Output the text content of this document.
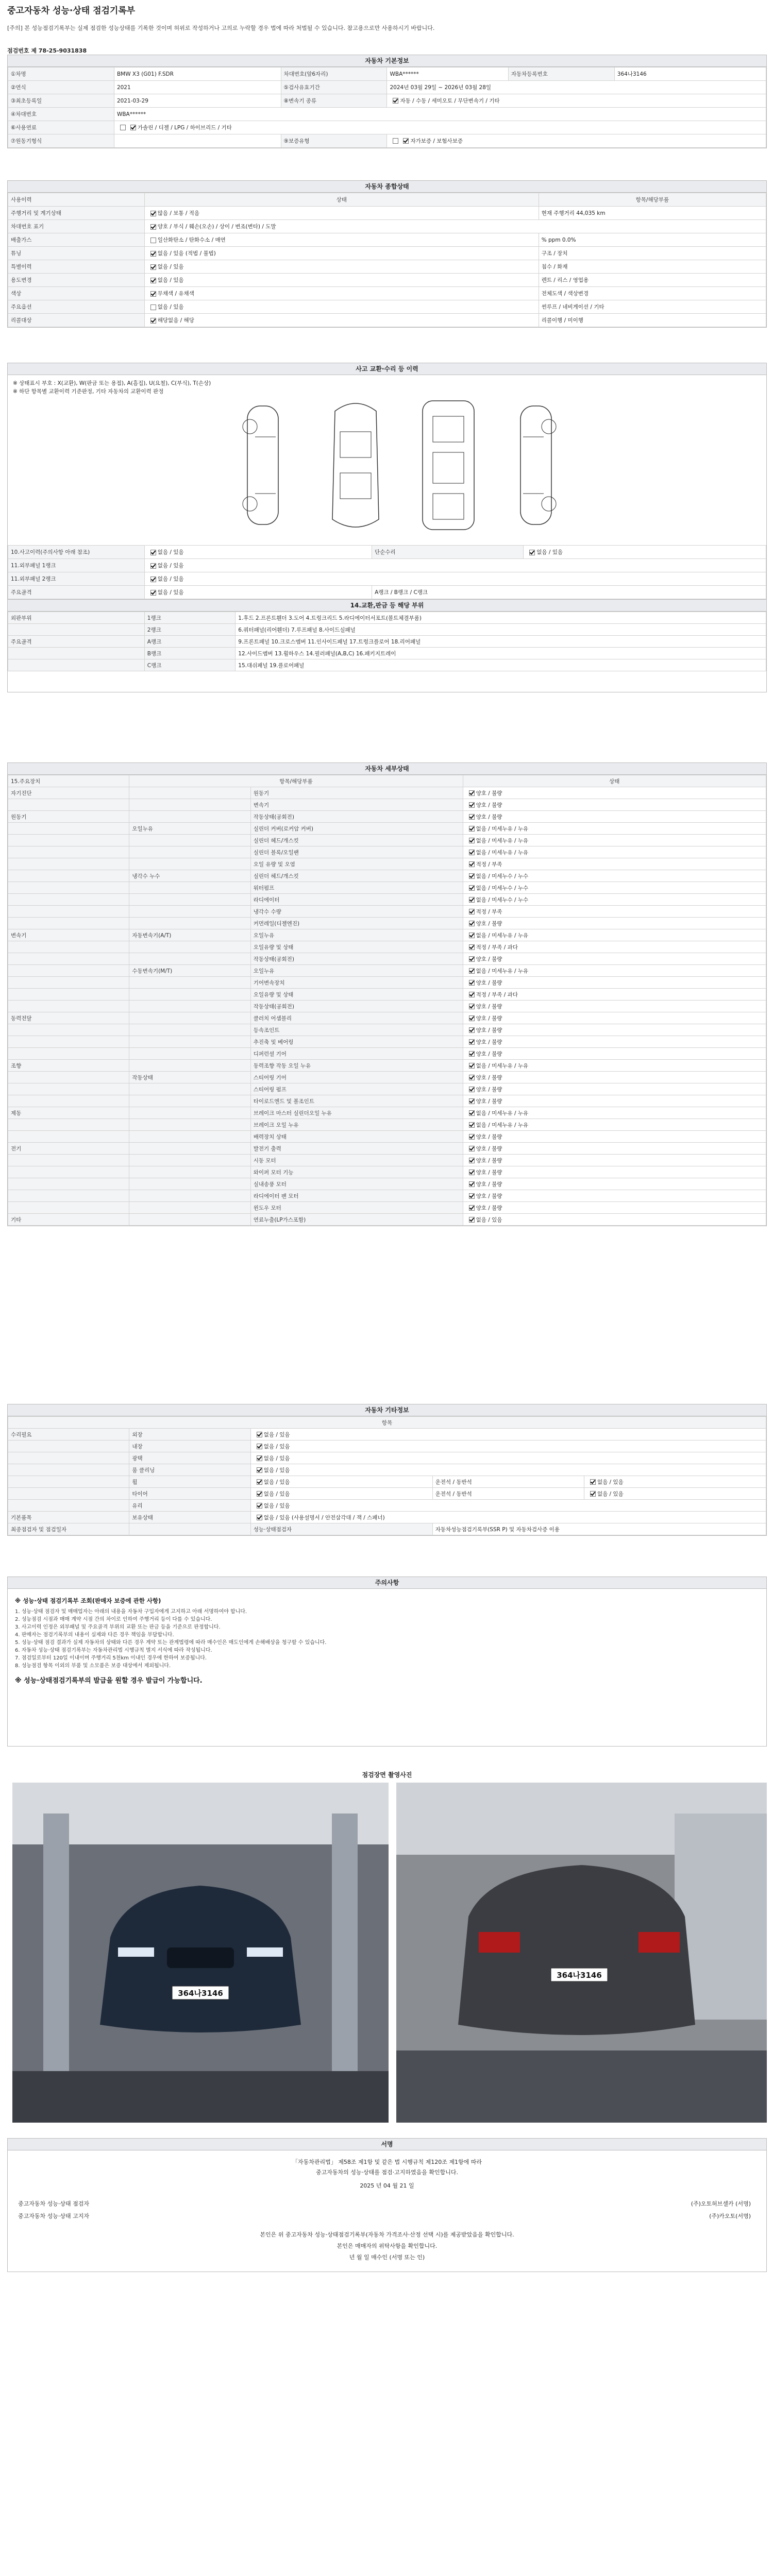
중고자동차 성능·상태 점검기록부
[주의] 본 성능점검기록부는 실제 점검한 성능상태를 기록한 것이며 허위로 작성하거나 고의로 누락할 경우 법에 따라 처벌될 수 있습니다. 참고용으로만 사용하시기 바랍니다.
점검번호 제 78-25-9031838
자동차 기본정보
①차명	BMW X3 (G01) F.SDR	차대번호(앞6자리)	WBA******	자동차등록번호	364나3146
②연식	2021	⑤검사유효기간	2024년 03월 29일 ~ 2026년 03월 28일		
③최초등록일	2021-03-29	⑧변속기 종류	자동 / 수동 / 세미오토 / 무단변속기 / 기타		
④차대번호	WBA******				
⑥사용연료	가솔린 / 디젤 / LPG / 하이브리드 / 기타				
⑦원동기형식		⑨보증유형	자가보증 / 보험사보증		
자동차 종합상태
사용이력	상태	항목/해당부품
주행거리 및 계기상태	많음 / 보통 / 적음	현재 주행거리 44,035 km
차대번호 표기	양호 / 부식 / 훼손(오손) / 상이 / 변조(변타) / 도말	
배출가스	일산화탄소 / 탄화수소 / 매연	% ppm 0.0%
튜닝	없음 / 있음 (적법 / 불법)	구조 / 장치
특별이력	없음 / 있음	침수 / 화재
용도변경	없음 / 있음	렌트 / 리스 / 영업용
색상	무채색 / 유채색	전체도색 / 색상변경
주요옵션	없음 / 있음	썬루프 / 네비게이션 / 기타
리콜대상	해당없음 / 해당	리콜이행 / 미이행
사고 교환·수리 등 이력
※ 상태표시 부호 : X(교환), W(판금 또는 용접), A(흠집), U(요철), C(부식), T(손상)
※ 하단 항목별 교환이력 기준판정, 기타 자동차의 교환이력 판정
10.사고이력(주의사항 아래 참조)	없음 / 있음	단순수리	없음 / 있음
11.외부패널 1랭크	없음 / 있음		
11.외부패널 2랭크	없음 / 있음		
주요골격	없음 / 있음	A랭크 / B랭크 / C랭크	
14.교환,판금 등 해당 부위
외판부위	1랭크	1.후드 2.프론트휀더 3.도어 4.트렁크리드 5.라디에이터서포트(볼트체결부품)
	2랭크	6.쿼터패널(리어휀더) 7.루프패널 8.사이드실패널
주요골격	A랭크	9.프론트패널 10.크로스멤버 11.인사이드패널 17.트렁크플로어 18.리어패널
	B랭크	12.사이드멤버 13.휠하우스 14.필러패널(A,B,C) 16.패키지트레이
	C랭크	15.대쉬패널 19.플로어패널
자동차 세부상태
15.주요장치	항목/해당부품		상태
자기진단		원동기	양호 / 불량
		변속기	양호 / 불량
원동기		작동상태(공회전)	양호 / 불량
	오일누유	실린더 커버(로커암 커버)	없음 / 미세누유 / 누유
		실린더 헤드/개스킷	없음 / 미세누유 / 누유
		실린더 블록/오일팬	없음 / 미세누유 / 누유
		오일 유량 및 오염	적정 / 부족
	냉각수 누수	실린더 헤드/개스킷	없음 / 미세누수 / 누수
		워터펌프	없음 / 미세누수 / 누수
		라디에이터	없음 / 미세누수 / 누수
		냉각수 수량	적정 / 부족
		커먼레일(디젤엔진)	양호 / 불량
변속기	자동변속기(A/T)	오일누유	없음 / 미세누유 / 누유
		오일유량 및 상태	적정 / 부족 / 과다
		작동상태(공회전)	양호 / 불량
	수동변속기(M/T)	오일누유	없음 / 미세누유 / 누유
		기어변속장치	양호 / 불량
		오일유량 및 상태	적정 / 부족 / 과다
		작동상태(공회전)	양호 / 불량
동력전달		클러치 어셈블리	양호 / 불량
		등속조인트	양호 / 불량
		추진축 및 베어링	양호 / 불량
		디퍼런셜 기어	양호 / 불량
조향		동력조향 작동 오일 누유	없음 / 미세누유 / 누유
	작동상태	스티어링 기어	양호 / 불량
		스티어링 펌프	양호 / 불량
		타이로드엔드 및 볼조인트	양호 / 불량
제동		브레이크 마스터 실린더오일 누유	없음 / 미세누유 / 누유
		브레이크 오일 누유	없음 / 미세누유 / 누유
		배력장치 상태	양호 / 불량
전기		발전기 출력	양호 / 불량
		시동 모터	양호 / 불량
		와이퍼 모터 기능	양호 / 불량
		실내송풍 모터	양호 / 불량
		라디에이터 팬 모터	양호 / 불량
		윈도우 모터	양호 / 불량
기타		연료누출(LP가스포함)	없음 / 있음
자동차 기타정보
항목				
수리필요	외장	없음 / 있음		
	내장	없음 / 있음		
	광택	없음 / 있음		
	룸 클리닝	없음 / 있음		
	휠	없음 / 있음	운전석 / 동반석	없음 / 있음
	타이어	없음 / 있음	운전석 / 동반석	없음 / 있음
	유리	없음 / 있음		
기본품목	보유상태	없음 / 있음 (사용설명서 / 안전삼각대 / 잭 / 스패너)		
최종점검자 및 점검일자		성능·상태점검자	자동차성능점검기록부(SSR P) 및 자동차검사증 이용	
주의사항
※ 성능·상태 점검기록부 조회(판매자 보증에 관한 사항)
1. 성능·상태 점검자 및 매매업자는 아래의 내용을 자동차 구입자에게 고지하고 아래 서명하여야 합니다.
2. 성능점검 시점과 매매 계약 시점 간의 차이로 인하여 주행거리 등이 다를 수 있습니다.
3. 사고이력 인정은 외부패널 및 주요골격 부위의 교환 또는 판금 등을 기준으로 판정합니다.
4. 판매자는 점검기록부의 내용이 실제와 다른 경우 책임을 부담합니다.
5. 성능·상태 점검 결과가 실제 자동차의 상태와 다른 경우 계약 또는 관계법령에 따라 매수인은 매도인에게 손해배상을 청구할 수 있습니다.
6. 자동차 성능·상태 점검기록부는 자동차관리법 시행규칙 별지 서식에 따라 작성됩니다.
7. 점검일로부터 120일 이내이며 주행거리 5천km 이내인 경우에 한하여 보증됩니다.
8. 성능점검 항목 이외의 부품 및 소모품은 보증 대상에서 제외됩니다.
※ 성능·상태점검기록부의 발급을 원할 경우 발급이 가능합니다.
점검장면 촬영사진
364나3146
364나3146
서명
「자동차관리법」 제58조 제1항 및 같은 법 시행규칙 제120조 제1항에 따라
중고자동차의 성능·상태를 점검·고지하였음을 확인합니다.
2025 년 04 월 21 일
중고자동차 성능·상태 점검자	(주)오토허브셀카 (서명)
중고자동차 성능·상태 고지자	(주)카오토(서명)
본인은 위 중고자동차 성능·상태점검기록부(자동차 가격조사·산정 선택 시)를 제공받았음을 확인합니다.
본인은 매매자의 위탁사항을 확인합니다.
년 월 일 매수인 (서명 또는 인)
